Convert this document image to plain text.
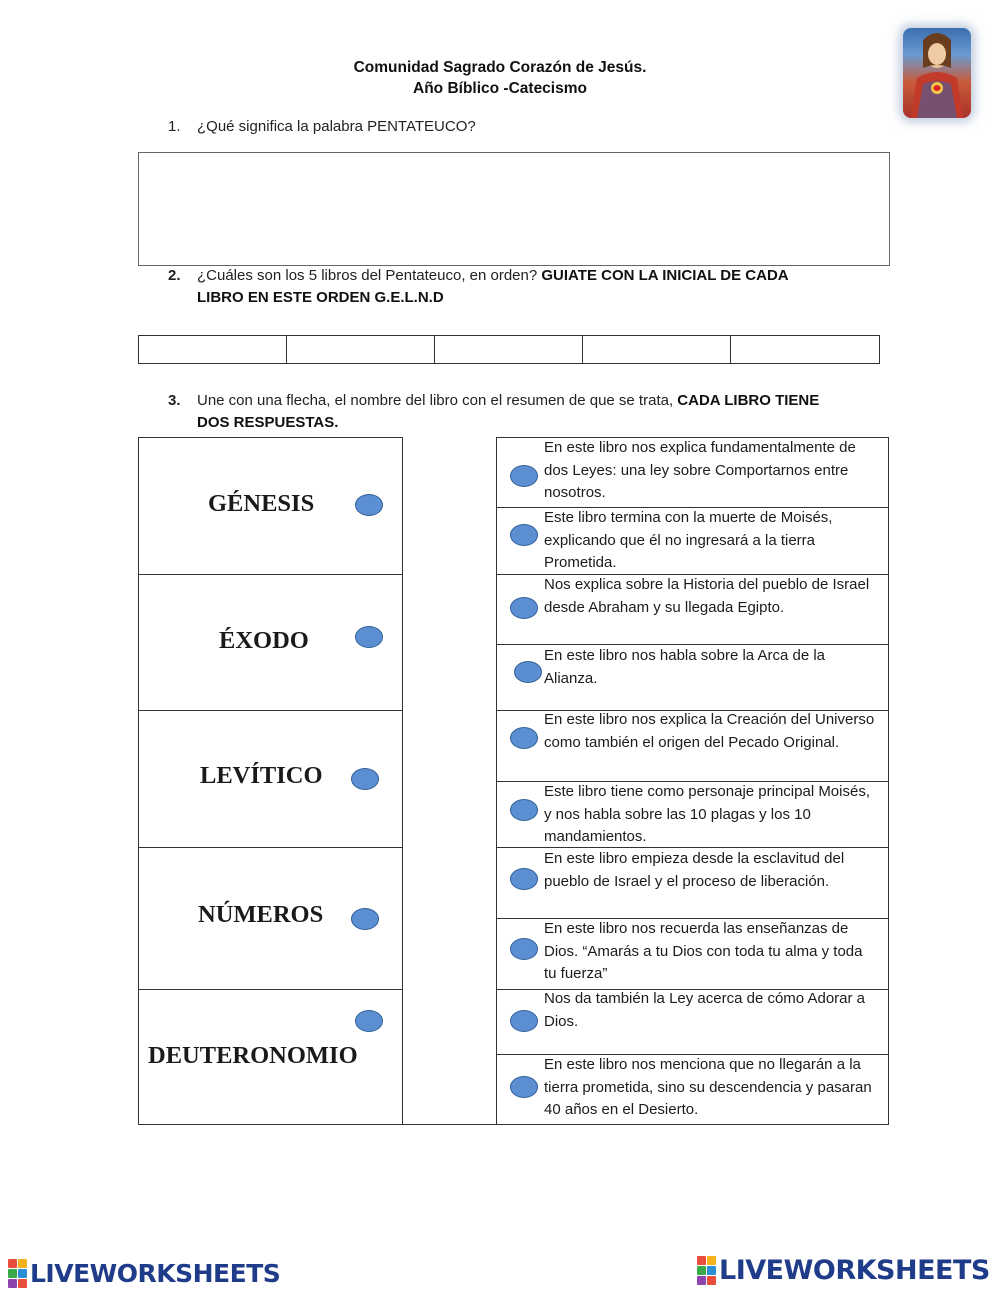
Comunidad Sagrado Corazón de Jesús.
Año Bíblico -Catecismo
1. ¿Qué significa la palabra PENTATEUCO?
2. ¿Cuáles son los 5 libros del Pentateuco, en orden? GUIATE CON LA INICIAL DE CADA LIBRO EN ESTE ORDEN G.E.L.N.D
3. Une con una flecha, el nombre del libro con el resumen de que se trata, CADA LIBRO TIENE DOS RESPUESTAS.
GÉNESIS
ÉXODO
LEVÍTICO
NÚMEROS
DEUTERONOMIO
En este libro nos explica fundamentalmente de dos Leyes: una ley sobre Comportarnos entre nosotros.
Este libro termina con la muerte de Moisés, explicando que él no ingresará a la tierra Prometida.
Nos explica sobre la Historia del pueblo de Israel desde Abraham y su llegada Egipto.
En este libro nos habla sobre la Arca de la Alianza.
En este libro nos explica la Creación del Universo como también el origen del Pecado Original.
Este libro tiene como personaje principal Moisés, y nos habla sobre las 10 plagas y los 10 mandamientos.
En este libro empieza desde la esclavitud del pueblo de Israel y el proceso de liberación.
En este libro nos recuerda las enseñanzas de Dios. “Amarás a tu Dios con toda tu alma y toda tu fuerza”
Nos da también la Ley acerca de cómo Adorar a Dios.
En este libro nos menciona que no llegarán a la tierra prometida, sino su descendencia y pasaran 40 años en el Desierto.
LIVEWORKSHEETS	LIVEWORKSHEETS
